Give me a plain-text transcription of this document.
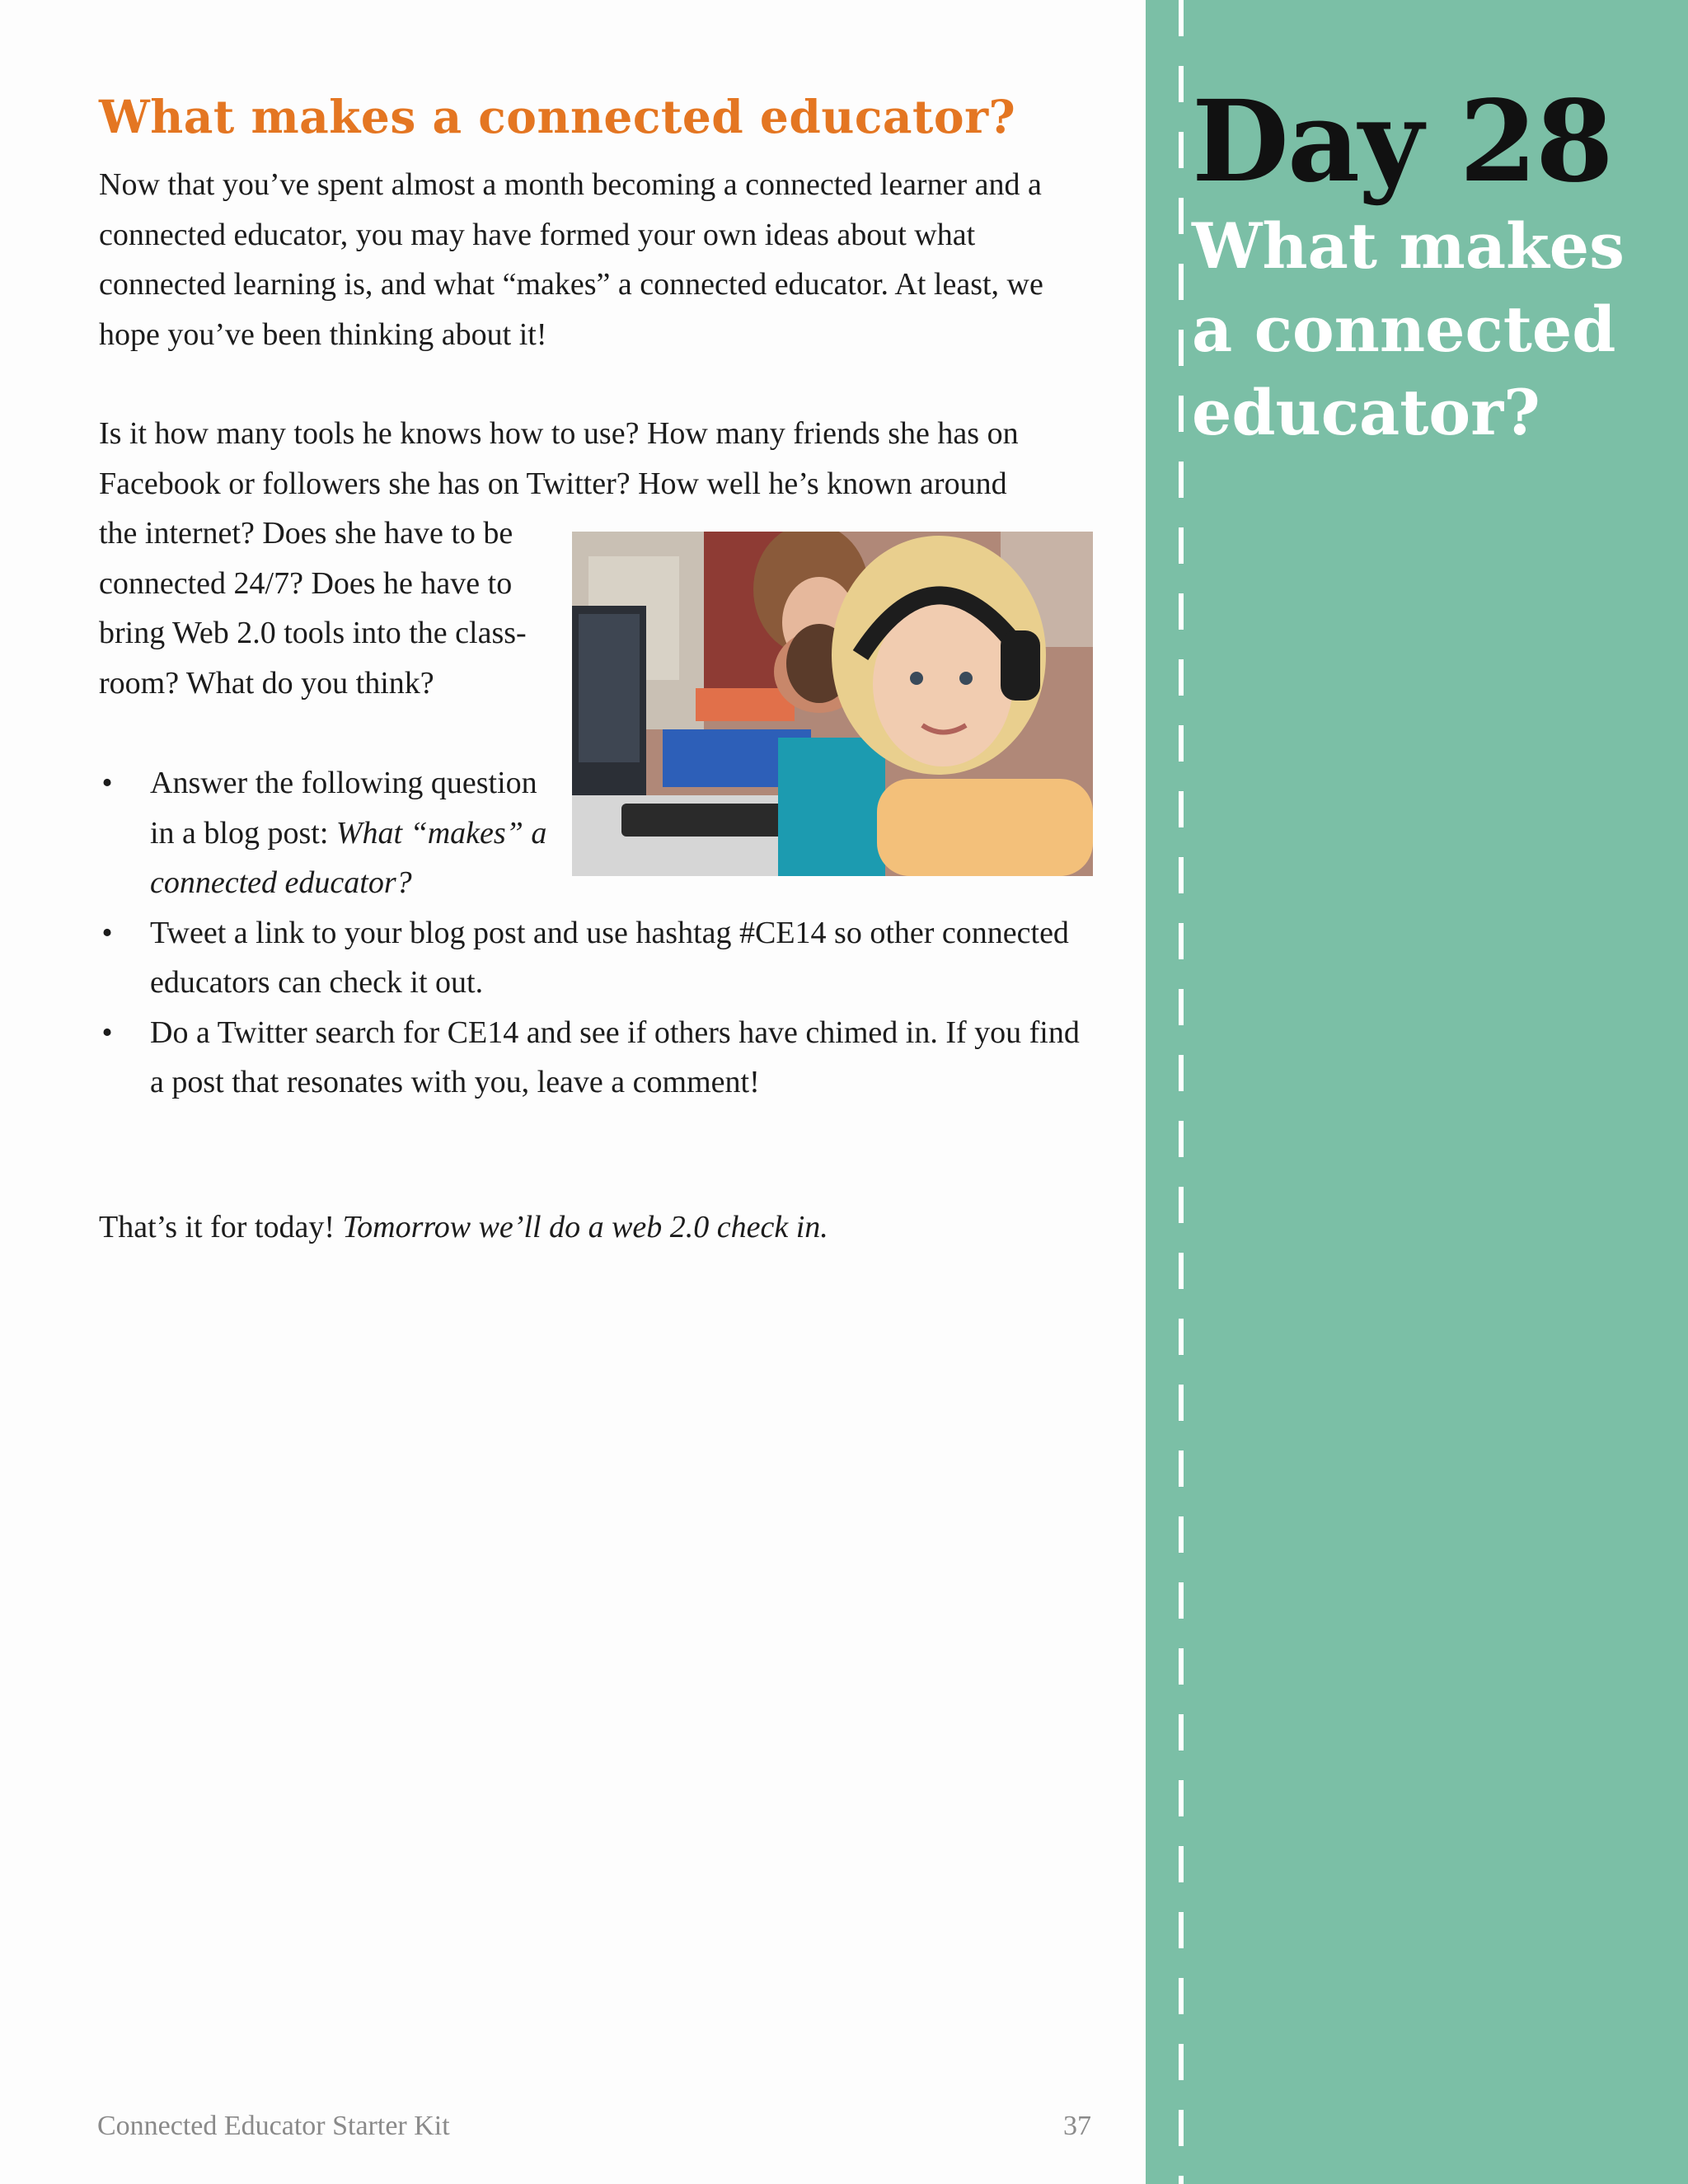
What makes a connected educator?

Now that you’ve spent almost a month becoming a connected learner and a connected educator, you may have formed your own ideas about what connected learning is, and what “makes” a connected educator. At least, we hope you’ve been thinking about it!

Is it how many tools he knows how to use? How many friends she has on
Facebook or followers she has on Twitter? How well he’s known around

the internet? Does she have to be connected 24/7? Does he have to bring Web 2.0 tools into the class-room? What do you think?

• Answer the following question in a blog post: What “makes” a connected educator?
• Tweet a link to your blog post and use hashtag #CE14 so other connected educators can check it out.
• Do a Twitter search for CE14 and see if others have chimed in. If you find a post that resonates with you, leave a comment!

That’s it for today! Tomorrow we’ll do a web 2.0 check in.

Connected Educator Starter Kit	37
Day 28
What makes a connected educator?
